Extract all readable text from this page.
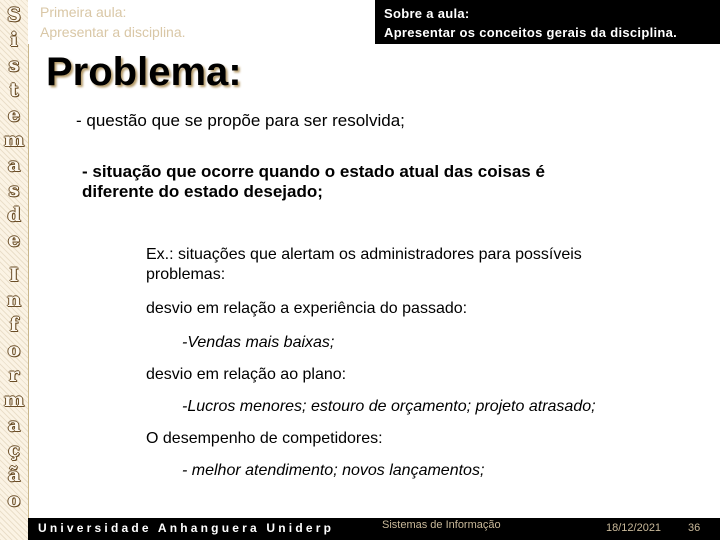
S
i
s
t
e
m
a
s
d
e
I
n
f
o
r
m
a
ç
ã
o
Primeira aula:
Apresentar a disciplina.
Sobre a aula:
Apresentar os conceitos gerais da disciplina.
Problema:

- questão que se propõe para ser resolvida;

- situação que ocorre quando o estado atual das coisas é

diferente do estado desejado;

Ex.: situações que alertam os administradores para possíveis

problemas:

desvio em relação a experiência do passado:

-Vendas mais baixas;

desvio em relação ao plano:

-Lucros menores; estouro de orçamento; projeto atrasado;

O desempenho de competidores:

- melhor atendimento; novos lançamentos;

Universidade Anhanguera Uniderp	Sistemas de Informação	18/12/2021 36
